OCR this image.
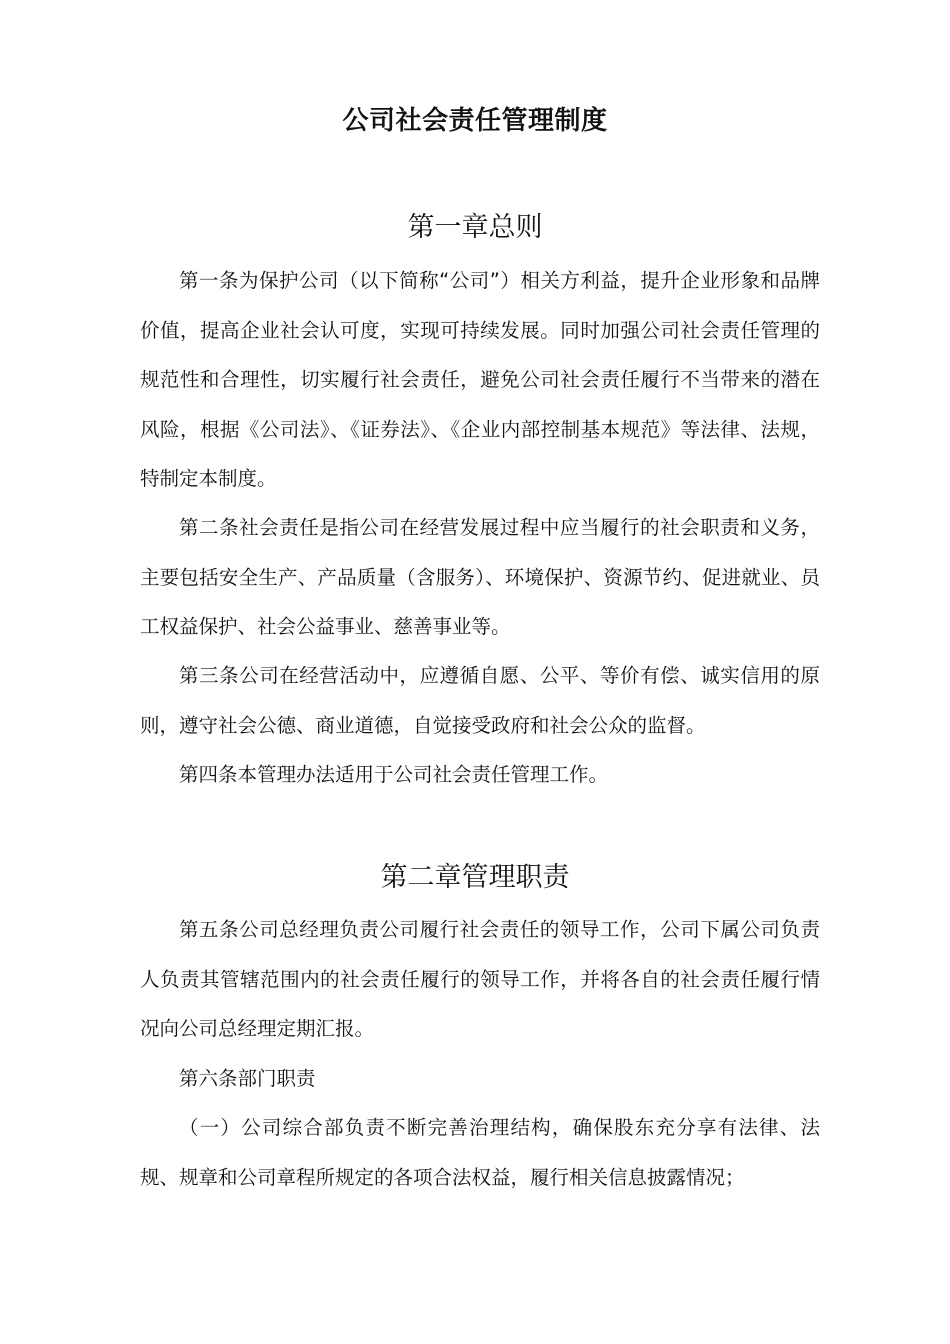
公司社会责任管理制度
第一章总则

第一条为保护公司（以下简称“公司”）相关方利益，提升企业形象和品牌价值，提高企业社会认可度，实现可持续发展。同时加强公司社会责任管理的规范性和合理性，切实履行社会责任，避免公司社会责任履行不当带来的潜在风险，根据《公司法》、《证券法》、《企业内部控制基本规范》等法律、法规，特制定本制度。

第二条社会责任是指公司在经营发展过程中应当履行的社会职责和义务，主要包括安全生产、产品质量（含服务）、环境保护、资源节约、促进就业、员工权益保护、社会公益事业、慈善事业等。

第三条公司在经营活动中，应遵循自愿、公平、等价有偿、诚实信用的原则，遵守社会公德、商业道德，自觉接受政府和社会公众的监督。

第四条本管理办法适用于公司社会责任管理工作。

第二章管理职责

第五条公司总经理负责公司履行社会责任的领导工作，公司下属公司负责人负责其管辖范围内的社会责任履行的领导工作，并将各自的社会责任履行情况向公司总经理定期汇报。

第六条部门职责

（一）公司综合部负责不断完善治理结构，确保股东充分享有法律、法规、规章和公司章程所规定的各项合法权益，履行相关信息披露情况；
